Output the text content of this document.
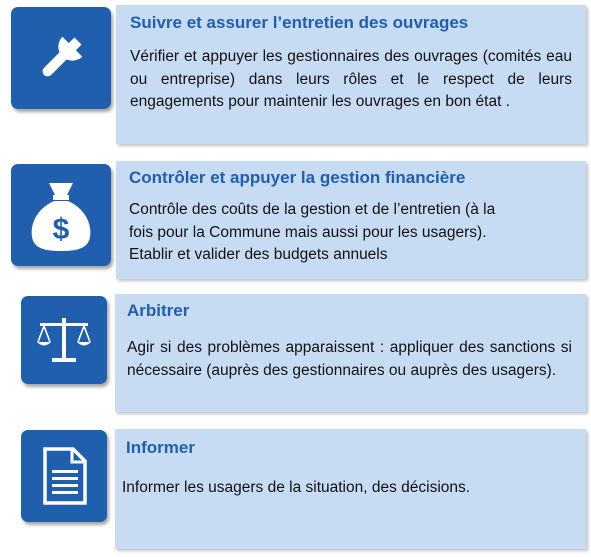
Suivre et assurer l’entretien des ouvrages

Vérifier et appuyer les gestionnaires des ouvrages (comités eau ou entreprise) dans leurs rôles et le respect de leurs engagements pour maintenir les ouvrages en bon état .

$
Contrôler et appuyer la gestion financière

Contrôle des coûts de la gestion et de l’entretien (à la

fois pour la Commune mais aussi pour les usagers).

Etablir et valider des budgets annuels

Arbitrer

Agir si des problèmes apparaissent : appliquer des sanctions si nécessaire (auprès des gestionnaires ou auprès des usagers).

Informer

Informer les usagers de la situation, des décisions.
